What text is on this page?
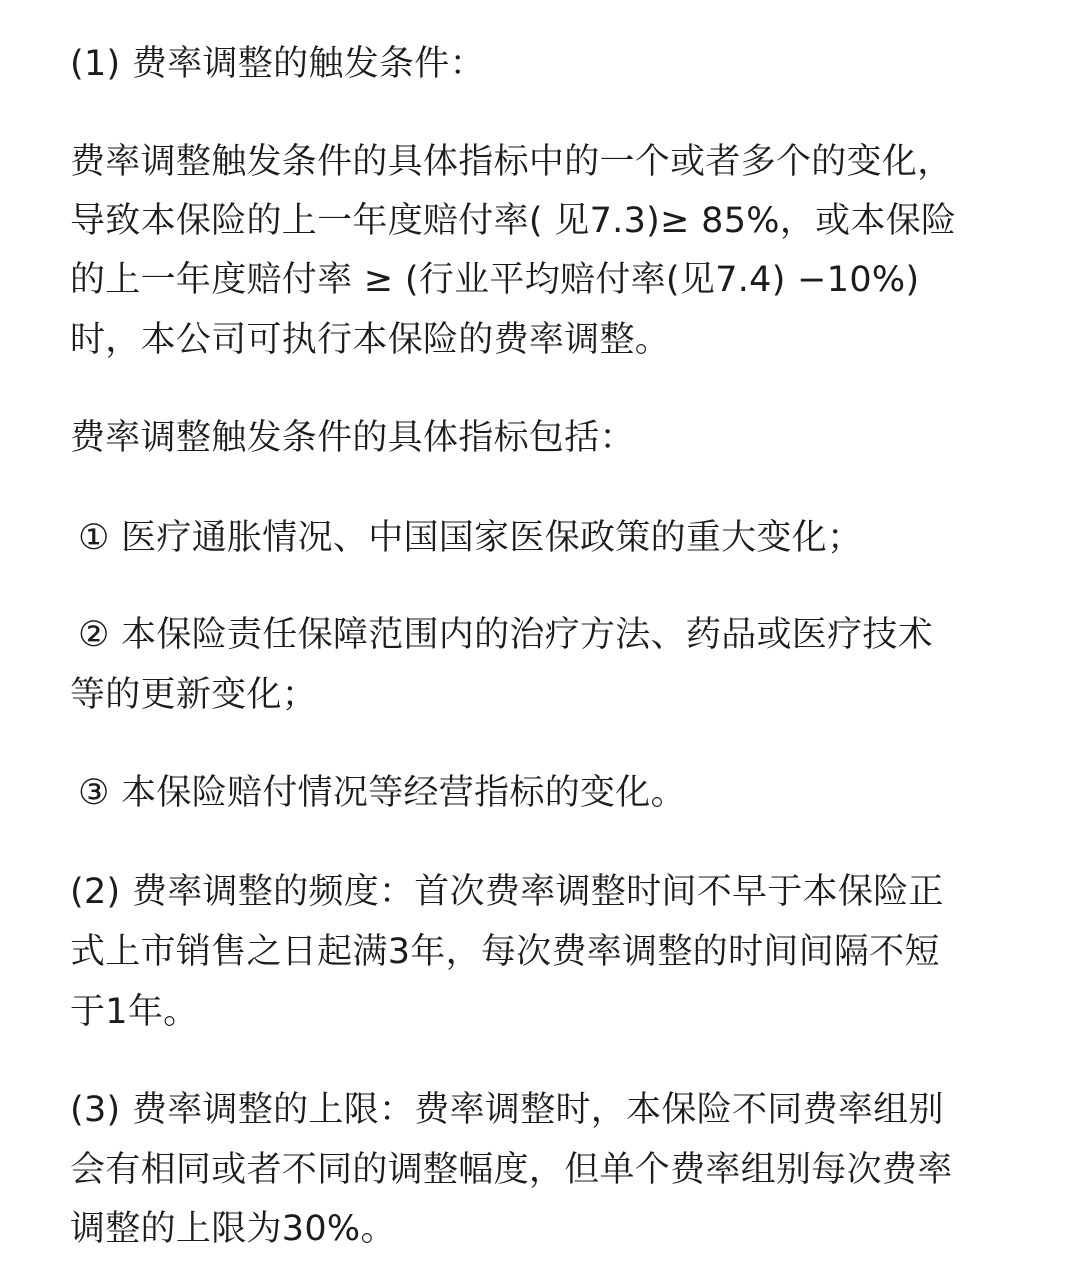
(1) 费率调整的触发条件：
费率调整触发条件的具体指标中的一个或者多个的变化，
导致本保险的上一年度赔付率( 见7.3)≥ 85%，或本保险
的上一年度赔付率 ≥ (行业平均赔付率(见7.4) −10%)
时，本公司可执行本保险的费率调整。
费率调整触发条件的具体指标包括：
① 医疗通胀情况、中国国家医保政策的重大变化；
② 本保险责任保障范围内的治疗方法、药品或医疗技术
等的更新变化；
③ 本保险赔付情况等经营指标的变化。
(2) 费率调整的频度：首次费率调整时间不早于本保险正
式上市销售之日起满3年，每次费率调整的时间间隔不短
于1年。
(3) 费率调整的上限：费率调整时，本保险不同费率组别
会有相同或者不同的调整幅度，但单个费率组别每次费率
调整的上限为30%。
